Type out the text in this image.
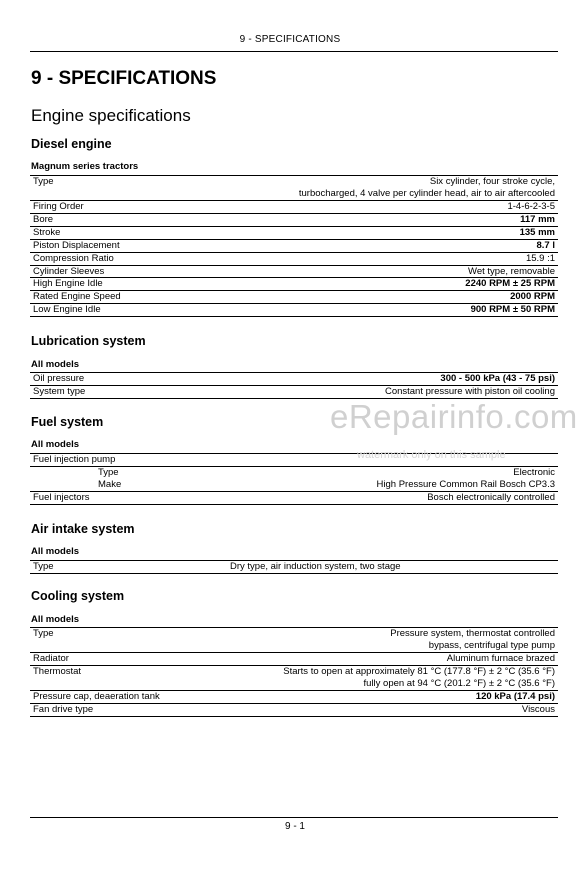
9 - SPECIFICATIONS
9 - SPECIFICATIONS
Engine specifications
Diesel engine
Magnum series tractors
Type	Six cylinder, four stroke cycle,
turbocharged, 4 valve per cylinder head, air to air aftercooled
Firing Order	1-4-6-2-3-5
Bore	117 mm
Stroke	135 mm
Piston Displacement	8.7 l
Compression Ratio	15.9 :1
Cylinder Sleeves	Wet type, removable
High Engine Idle	2240 RPM ± 25 RPM
Rated Engine Speed	2000 RPM
Low Engine Idle	900 RPM ± 50 RPM
Lubrication system
All models
Oil pressure	300 - 500 kPa (43 - 75 psi)
System type	Constant pressure with piston oil cooling
Fuel system
All models
Fuel injection pump
Type	Electronic
Make	High Pressure Common Rail Bosch CP3.3
Fuel injectors	Bosch electronically controlled
Air intake system
All models
Type	Dry type, air induction system, two stage
Cooling system
All models
Type	Pressure system, thermostat controlled
bypass, centrifugal type pump
Radiator	Aluminum furnace brazed
Thermostat	Starts to open at approximately 81 °C (177.8 °F) ± 2 °C (35.6 °F)
fully open at 94 °C (201.2 °F) ± 2 °C (35.6 °F)
Pressure cap, deaeration tank	120 kPa (17.4 psi)
Fan drive type	Viscous
eRepairinfo.com
watermark only on this sample
9 - 1
